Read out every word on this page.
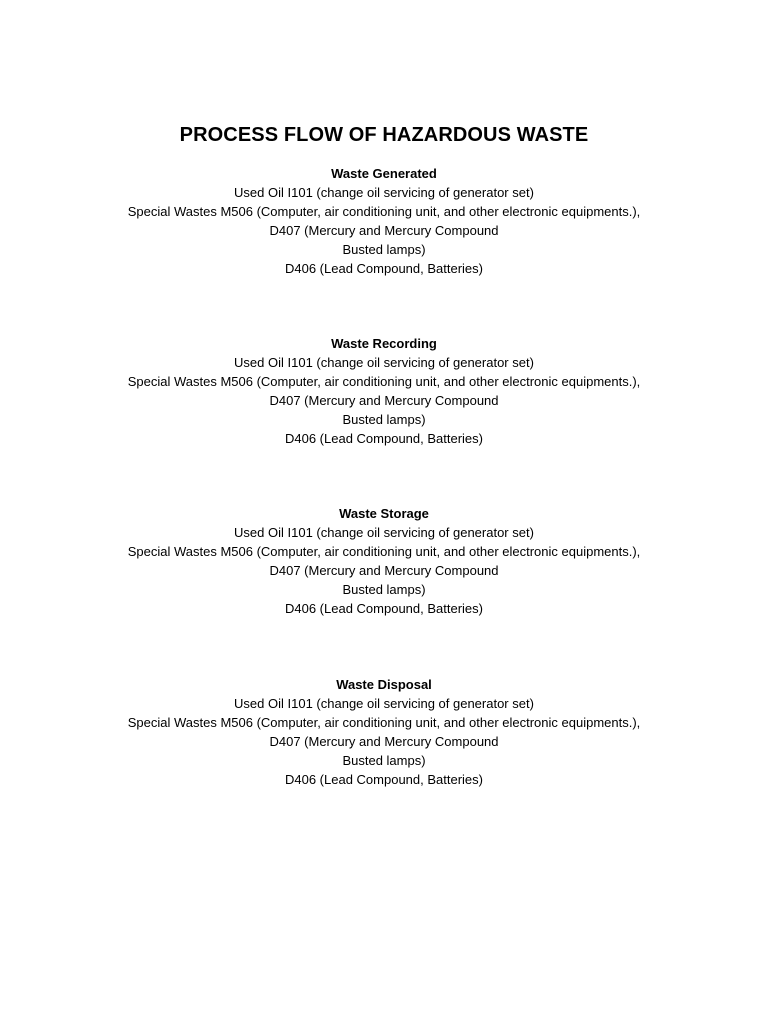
PROCESS FLOW OF HAZARDOUS WASTE

Waste Generated

Used Oil I101 (change oil servicing of generator set)

Special Wastes M506 (Computer, air conditioning unit, and other electronic equipments.),

D407 (Mercury and Mercury Compound

Busted lamps)

D406 (Lead Compound, Batteries)

Waste Recording

Used Oil I101 (change oil servicing of generator set)

Special Wastes M506 (Computer, air conditioning unit, and other electronic equipments.),

D407 (Mercury and Mercury Compound

Busted lamps)

D406 (Lead Compound, Batteries)

Waste Storage

Used Oil I101 (change oil servicing of generator set)

Special Wastes M506 (Computer, air conditioning unit, and other electronic equipments.),

D407 (Mercury and Mercury Compound

Busted lamps)

D406 (Lead Compound, Batteries)

Waste Disposal

Used Oil I101 (change oil servicing of generator set)

Special Wastes M506 (Computer, air conditioning unit, and other electronic equipments.),

D407 (Mercury and Mercury Compound

Busted lamps)

D406 (Lead Compound, Batteries)
